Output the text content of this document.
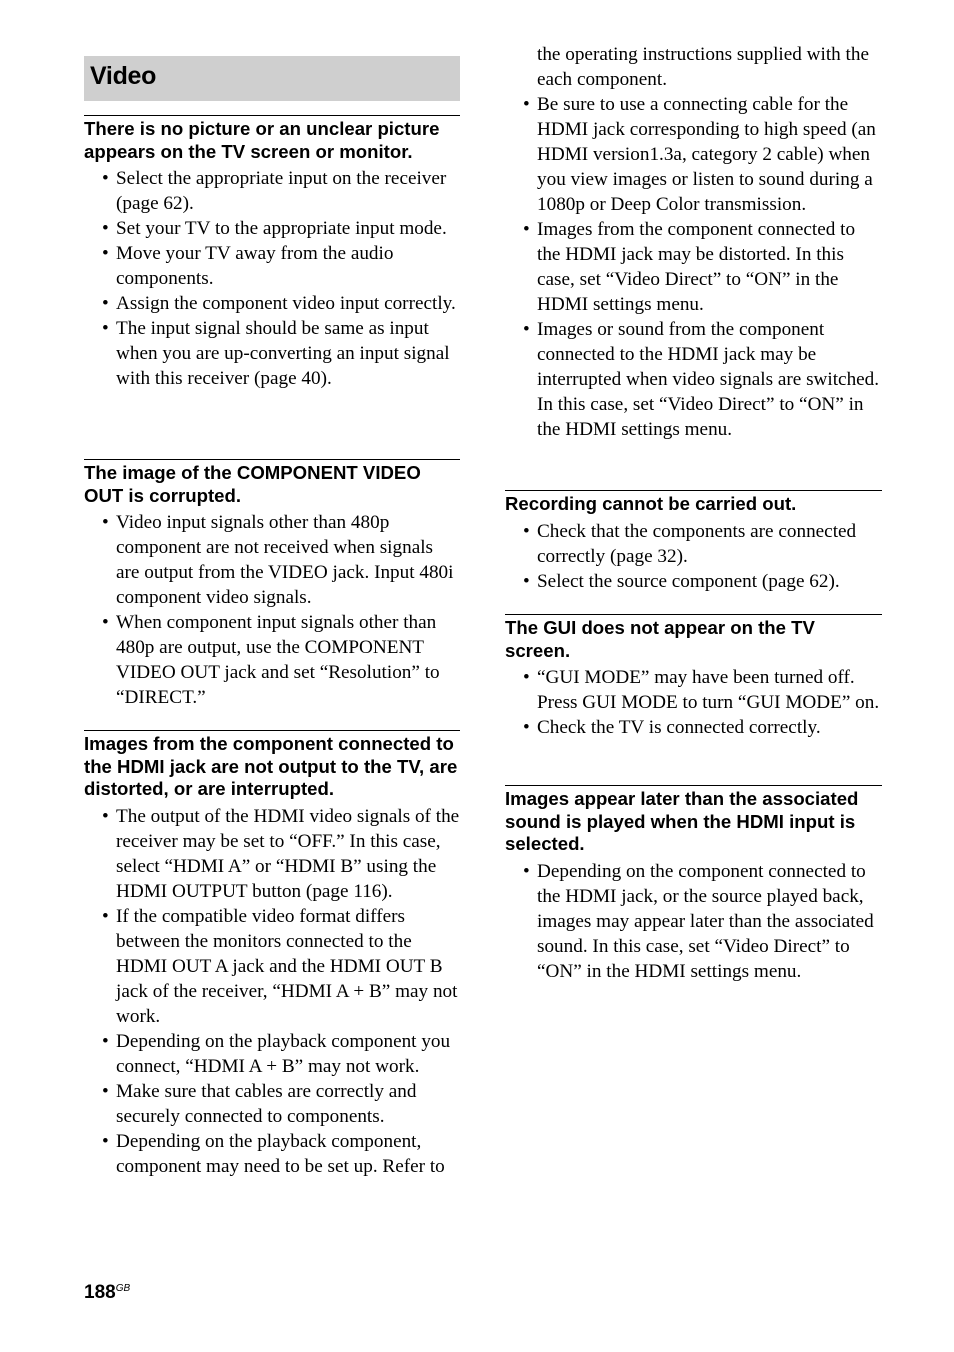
Video
There is no picture or an unclear picture appears on the TV screen or monitor.
• Select the appropriate input on the receiver (page 62).
• Set your TV to the appropriate input mode.
• Move your TV away from the audio components.
• Assign the component video input correctly.
• The input signal should be same as input when you are up-converting an input signal with this receiver (page 40).
The image of the COMPONENT VIDEO OUT is corrupted.
• Video input signals other than 480p component are not received when signals are output from the VIDEO jack. Input 480i component video signals.
• When component input signals other than 480p are output, use the COMPONENT VIDEO OUT jack and set “Resolution” to “DIRECT.”
Images from the component connected to the HDMI jack are not output to the TV, are distorted, or are interrupted.
• The output of the HDMI video signals of the receiver may be set to “OFF.” In this case, select “HDMI A” or “HDMI B” using the HDMI OUTPUT button (page 116).
• If the compatible video format differs between the monitors connected to the HDMI OUT A jack and the HDMI OUT B jack of the receiver, “HDMI A + B” may not work.
• Depending on the playback component you connect, “HDMI A + B” may not work.
• Make sure that cables are correctly and securely connected to components.
• Depending on the playback component, component may need to be set up. Refer to
the operating instructions supplied with the each component.
• Be sure to use a connecting cable for the HDMI jack corresponding to high speed (an HDMI version1.3a, category 2 cable) when you view images or listen to sound during a 1080p or Deep Color transmission.
• Images from the component connected to the HDMI jack may be distorted. In this case, set “Video Direct” to “ON” in the HDMI settings menu.
• Images or sound from the component connected to the HDMI jack may be interrupted when video signals are switched. In this case, set “Video Direct” to “ON” in the HDMI settings menu.
Recording cannot be carried out.
• Check that the components are connected correctly (page 32).
• Select the source component (page 62).
The GUI does not appear on the TV screen.
• “GUI MODE” may have been turned off. Press GUI MODE to turn “GUI MODE” on.
• Check the TV is connected correctly.
Images appear later than the associated sound is played when the HDMI input is selected.
• Depending on the component connected to the HDMI jack, or the source played back, images may appear later than the associated sound. In this case, set “Video Direct” to “ON” in the HDMI settings menu.
$188^{GB}$
